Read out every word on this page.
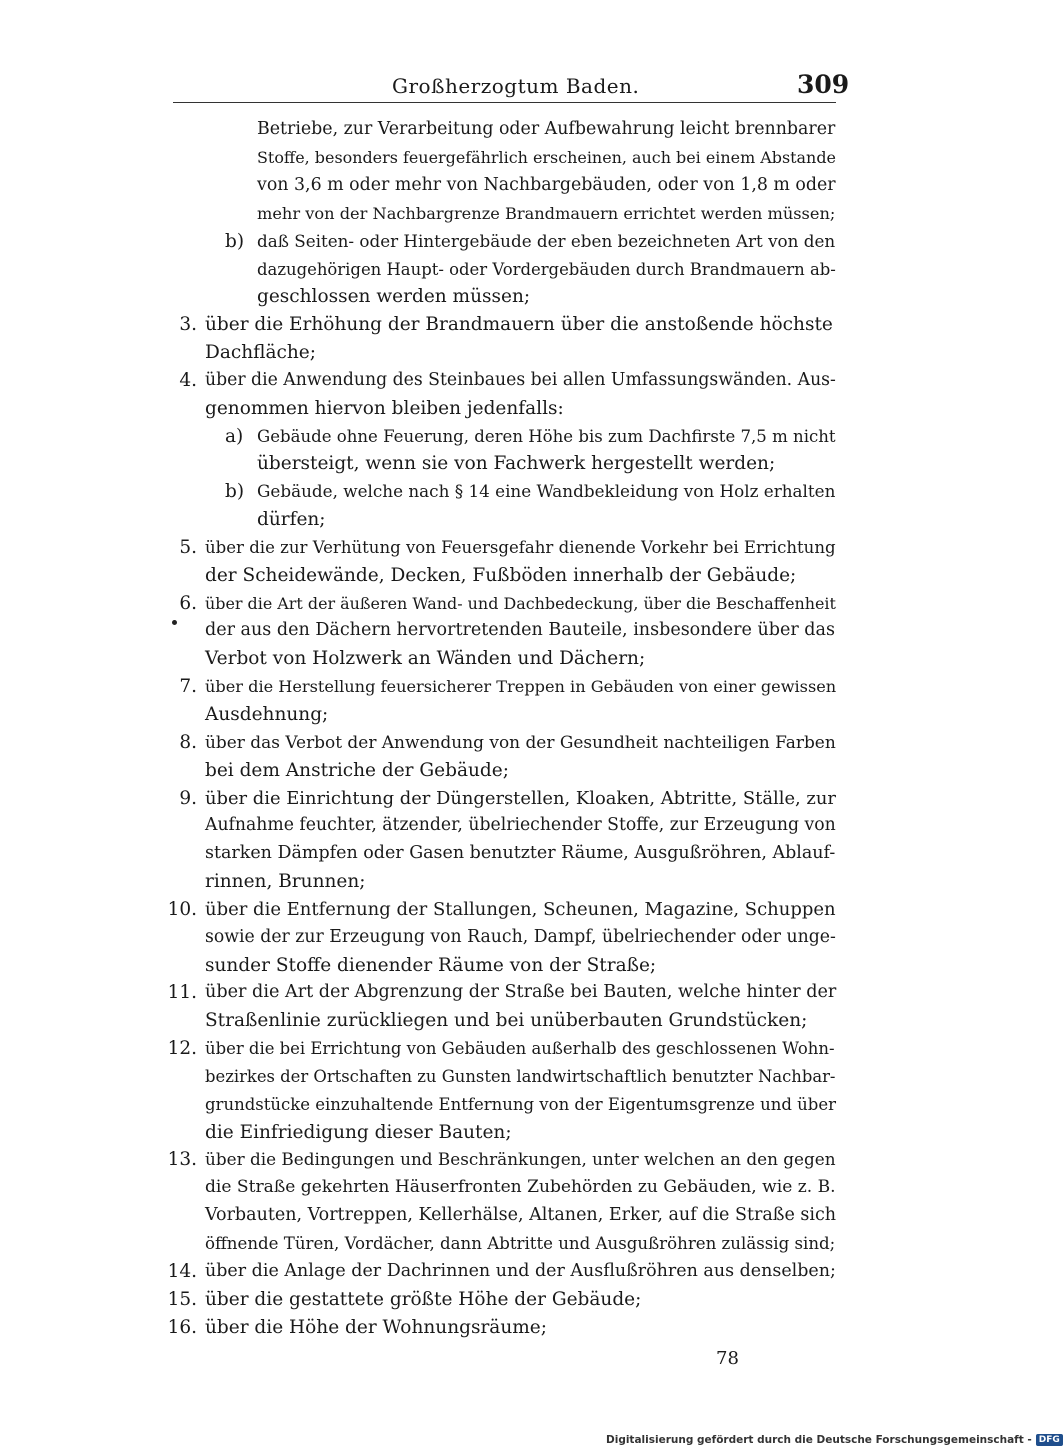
Großherzogtum Baden.	309
Betriebe, zur Verarbeitung oder Aufbewahrung leicht brennbarer
Stoffe, besonders feuergefährlich erscheinen, auch bei einem Abstande
von 3,6 m oder mehr von Nachbargebäuden, oder von 1,8 m oder
mehr von der Nachbargrenze Brandmauern errichtet werden müssen;
b) daß Seiten- oder Hintergebäude der eben bezeichneten Art von den
dazugehörigen Haupt- oder Vordergebäuden durch Brandmauern ab-
geschlossen werden müssen;
3. über die Erhöhung der Brandmauern über die anstoßende höchste
Dachfläche;
4. über die Anwendung des Steinbaues bei allen Umfassungswänden. Aus-
genommen hiervon bleiben jedenfalls:
a) Gebäude ohne Feuerung, deren Höhe bis zum Dachfirste 7,5 m nicht
übersteigt, wenn sie von Fachwerk hergestellt werden;
b) Gebäude, welche nach § 14 eine Wandbekleidung von Holz erhalten
dürfen;
5. über die zur Verhütung von Feuersgefahr dienende Vorkehr bei Errichtung
der Scheidewände, Decken, Fußböden innerhalb der Gebäude;
6. über die Art der äußeren Wand- und Dachbedeckung, über die Beschaffenheit
der aus den Dächern hervortretenden Bauteile, insbesondere über das
Verbot von Holzwerk an Wänden und Dächern;
7. über die Herstellung feuersicherer Treppen in Gebäuden von einer gewissen
Ausdehnung;
8. über das Verbot der Anwendung von der Gesundheit nachteiligen Farben
bei dem Anstriche der Gebäude;
9. über die Einrichtung der Düngerstellen, Kloaken, Abtritte, Ställe, zur
Aufnahme feuchter, ätzender, übelriechender Stoffe, zur Erzeugung von
starken Dämpfen oder Gasen benutzter Räume, Ausgußröhren, Ablauf-
rinnen, Brunnen;
10. über die Entfernung der Stallungen, Scheunen, Magazine, Schuppen
sowie der zur Erzeugung von Rauch, Dampf, übelriechender oder unge-
sunder Stoffe dienender Räume von der Straße;
11. über die Art der Abgrenzung der Straße bei Bauten, welche hinter der
Straßenlinie zurückliegen und bei unüberbauten Grundstücken;
12. über die bei Errichtung von Gebäuden außerhalb des geschlossenen Wohn-
bezirkes der Ortschaften zu Gunsten landwirtschaftlich benutzter Nachbar-
grundstücke einzuhaltende Entfernung von der Eigentumsgrenze und über
die Einfriedigung dieser Bauten;
13. über die Bedingungen und Beschränkungen, unter welchen an den gegen
die Straße gekehrten Häuserfronten Zubehörden zu Gebäuden, wie z. B.
Vorbauten, Vortreppen, Kellerhälse, Altanen, Erker, auf die Straße sich
öffnende Türen, Vordächer, dann Abtritte und Ausgußröhren zulässig sind;
14. über die Anlage der Dachrinnen und der Ausflußröhren aus denselben;
15. über die gestattete größte Höhe der Gebäude;
16. über die Höhe der Wohnungsräume;
78
Digitalisierung gefördert durch die Deutsche Forschungsgemeinschaft - DFG
